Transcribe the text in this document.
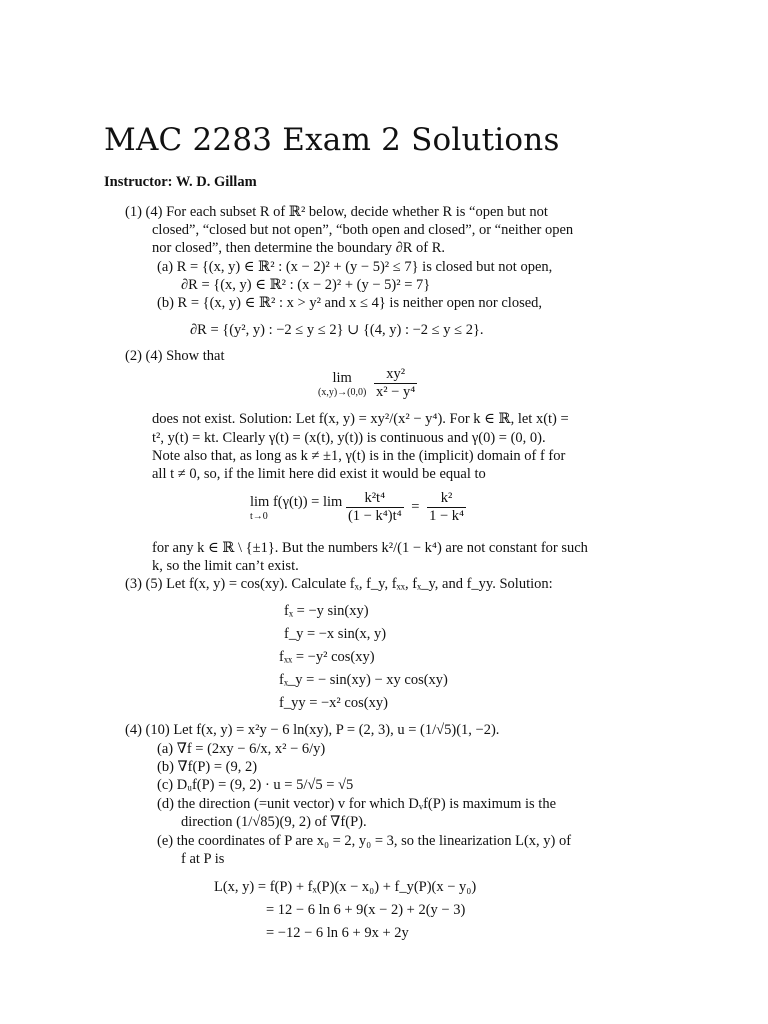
MAC 2283 Exam 2 Solutions
Instructor: W. D. Gillam
(1) (4) For each subset R of ℝ² below, decide whether R is “open but not
closed”, “closed but not open”, “both open and closed”, or “neither open
nor closed”, then determine the boundary ∂R of R.
(a) R = {(x, y) ∈ ℝ² : (x − 2)² + (y − 5)² ≤ 7} is closed but not open,
∂R = {(x, y) ∈ ℝ² : (x − 2)² + (y − 5)² = 7}
(b) R = {(x, y) ∈ ℝ² : x > y² and x ≤ 4} is neither open nor closed,
∂R = {(y², y) : −2 ≤ y ≤ 2} ∪ {(4, y) : −2 ≤ y ≤ 2}.
(2) (4) Show that
lim
(x,y)→(0,0)
$\frac{\text{xy²}}{\text{x² − y⁴}}$
does not exist. Solution: Let f(x, y) = xy²/(x² − y⁴). For k ∈ ℝ, let x(t) =
t², y(t) = kt. Clearly γ(t) = (x(t), y(t)) is continuous and γ(0) = (0, 0).
Note also that, as long as k ≠ ±1, γ(t) is in the (implicit) domain of f for
all t ≠ 0, so, if the limit here did exist it would be equal to
lim f(γ(t)) = lim
t→0
	$\frac{\text{k²t⁴}}{\text{(1 − k⁴)t⁴}} = \frac{\text{k²}}{\text{1 − k⁴}}$
for any k ∈ ℝ \ {±1}. But the numbers k²/(1 − k⁴) are not constant for such
k, so the limit can’t exist.
(3) (5) Let f(x, y) = cos(xy). Calculate fₓ, f_y, fₓₓ, fₓ_y, and f_yy. Solution:
fₓ = −y sin(xy)
f_y = −x sin(x, y)
fₓₓ = −y² cos(xy)
fₓ_y = − sin(xy) − xy cos(xy)
f_yy = −x² cos(xy)
(4) (10) Let f(x, y) = x²y − 6 ln(xy), P = (2, 3), u = (1/√5)(1, −2).
(a) ∇f = (2xy − 6/x, x² − 6/y)
(b) ∇f(P) = (9, 2)
(c) Dᵤf(P) = (9, 2) · u = 5/√5 = √5
(d) the direction (=unit vector) v for which Dᵥf(P) is maximum is the
direction (1/√85)(9, 2) of ∇f(P).
(e) the coordinates of P are x₀ = 2, y₀ = 3, so the linearization L(x, y) of
f at P is
L(x, y) = f(P) + fₓ(P)(x − x₀) + f_y(P)(x − y₀)
= 12 − 6 ln 6 + 9(x − 2) + 2(y − 3)
= −12 − 6 ln 6 + 9x + 2y
